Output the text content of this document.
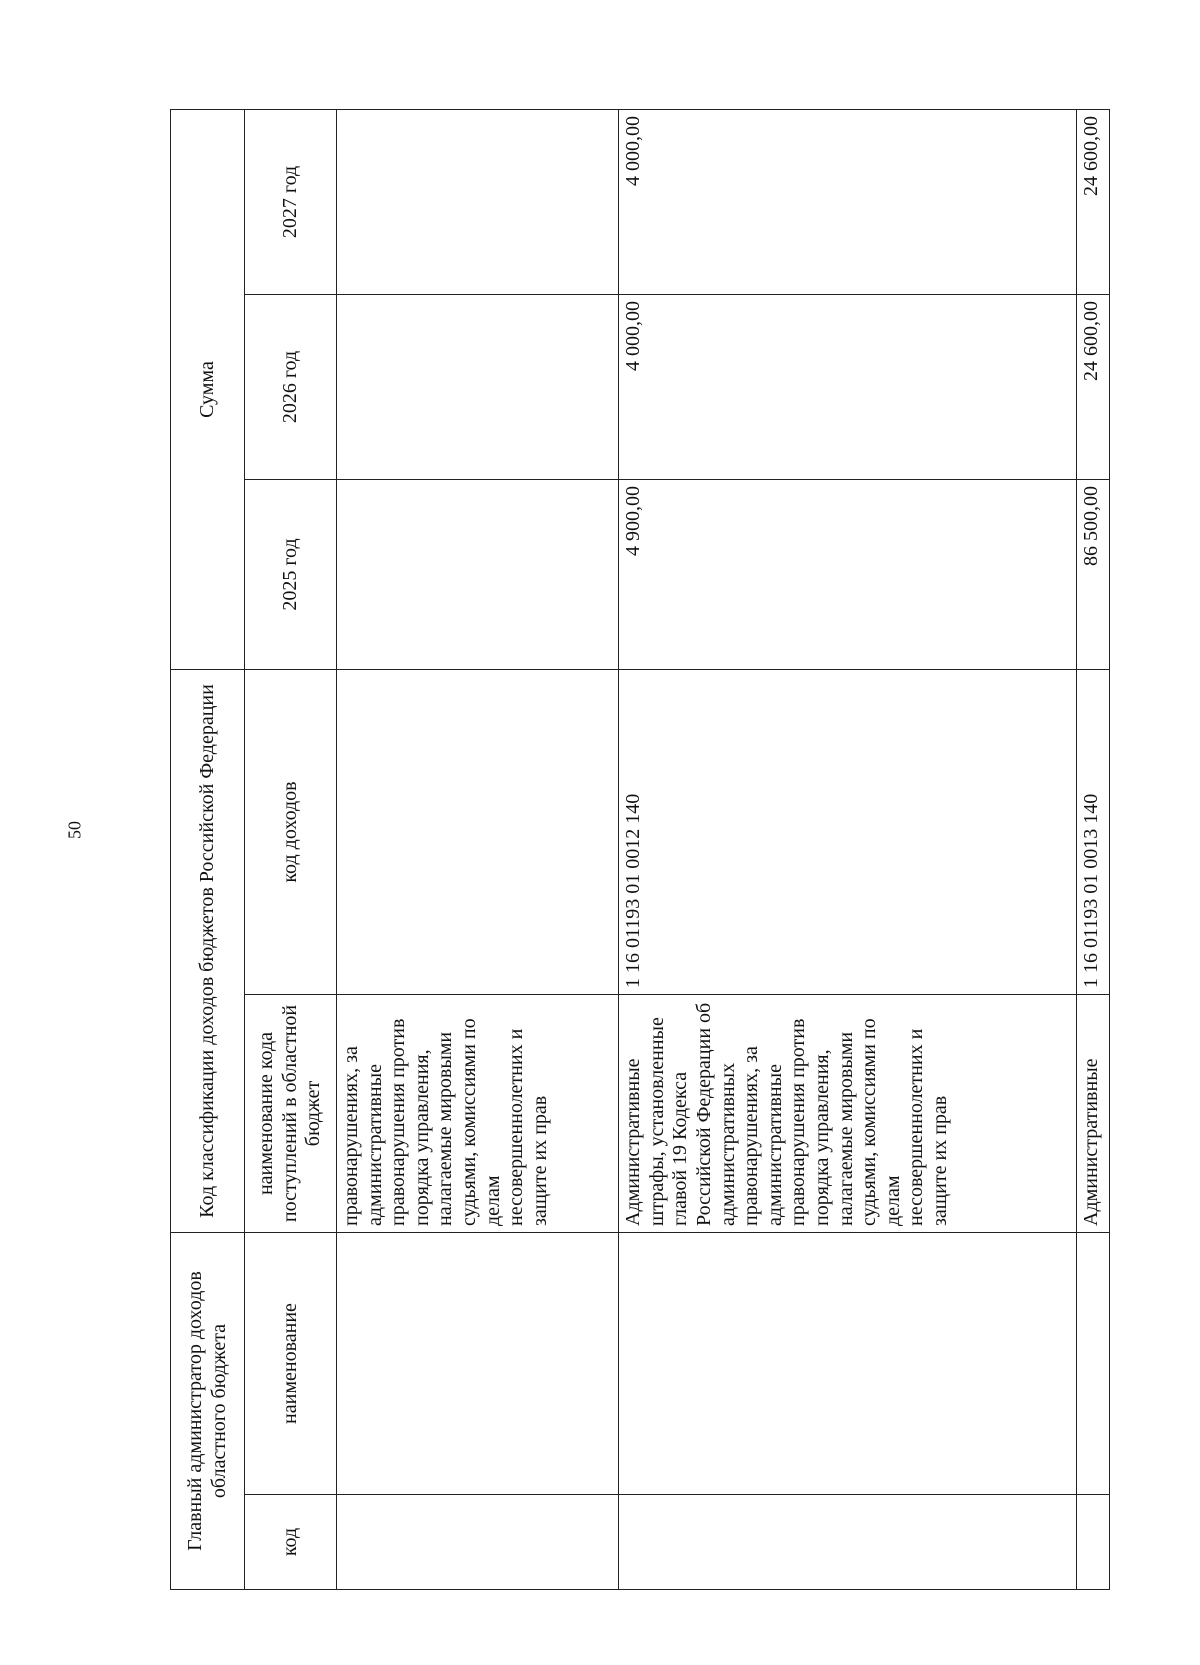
50
Главный администратор доходов областного бюджета		Код классификации доходов бюджетов Российской Федерации		Сумма		
код	наименование	наименование кода поступлений в областной бюджет	код доходов	2025 год	2026 год	2027 год
		правонарушениях, за административные правонарушения против порядка управления, налагаемые мировыми судьями, комиссиями по делам несовершеннолетних и защите их прав				
		Административные штрафы, установленные главой 19 Кодекса Российской Федерации об административных правонарушениях, за административные правонарушения против порядка управления, налагаемые мировыми судьями, комиссиями по делам несовершеннолетних и защите их прав	1 16 01193 01 0012 140	4 900,00	4 000,00	4 000,00
		Административные	1 16 01193 01 0013 140	86 500,00	24 600,00	24 600,00
